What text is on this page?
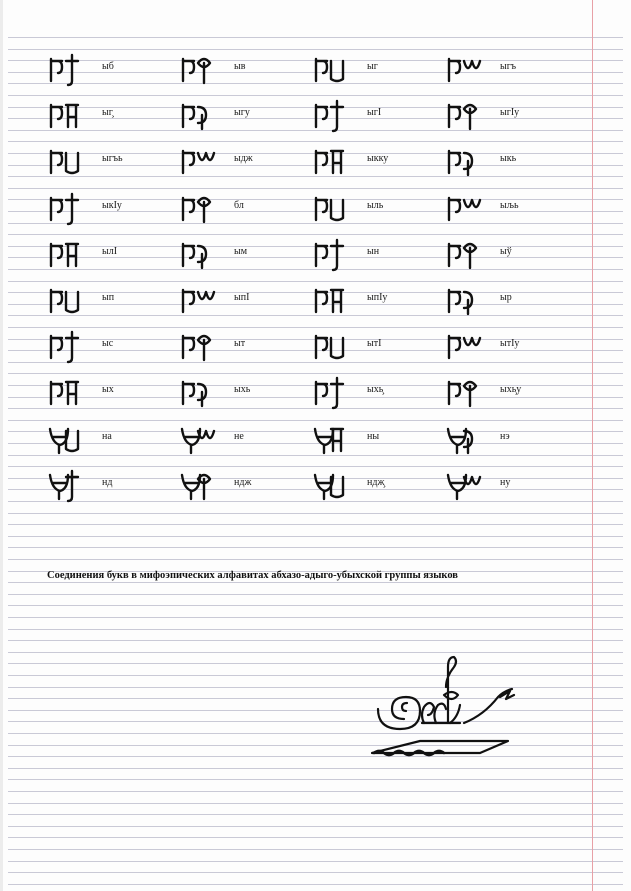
ыб	ыв	ыг	ыгъ
ыг̧	ыгу	ыгI	ыгIу
ыгъь	ыдж	ыкку	ыкь
ыкIу	бл	ыль	ыљь
ылI	ым	ын	ыў
ып	ыпI	ыпIу	ыр
ыс	ыт	ытI	ытIу
ых	ыхь	ыхь̧	ыхь̧у
на	не	ны	нэ
нд	ндж	ндж̧	ну
Соединения букв в мифоэпических алфавитах абхазо-адыго-убыхской группы языков
